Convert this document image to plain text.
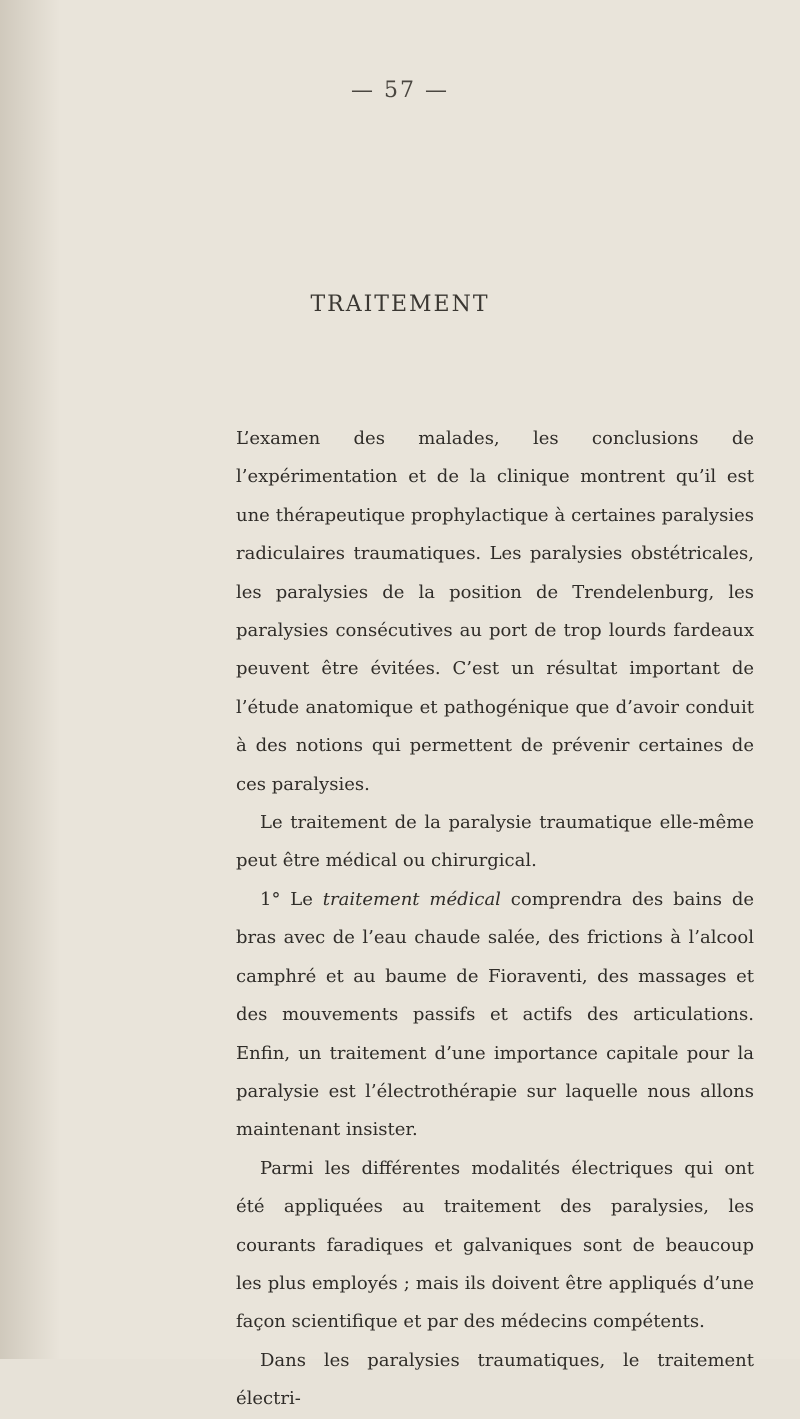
— 57 —
TRAITEMENT

L’examen des malades, les conclusions de l’expérimentation et de la clinique montrent qu’il est une thérapeutique prophylactique à certaines paralysies radiculaires traumatiques. Les paralysies obstétricales, les paralysies de la position de Trendelenburg, les paralysies consécutives au port de trop lourds fardeaux peuvent être évitées. C’est un résultat important de l’étude anatomique et pathogénique que d’avoir conduit à des notions qui permettent de prévenir certaines de ces paralysies.

Le traitement de la paralysie traumatique elle-même peut être médical ou chirurgical.

1° Le traitement médical comprendra des bains de bras avec de l’eau chaude salée, des frictions à l’alcool camphré et au baume de Fioraventi, des massages et des mouvements passifs et actifs des articulations. Enfin, un traitement d’une importance capitale pour la paralysie est l’électrothérapie sur laquelle nous allons maintenant insister.

Parmi les différentes modalités électriques qui ont été appliquées au traitement des paralysies, les courants faradiques et galvaniques sont de beaucoup les plus employés ; mais ils doivent être appliqués d’une façon scientifique et par des médecins compétents.

Dans les paralysies traumatiques, le traitement électri-
